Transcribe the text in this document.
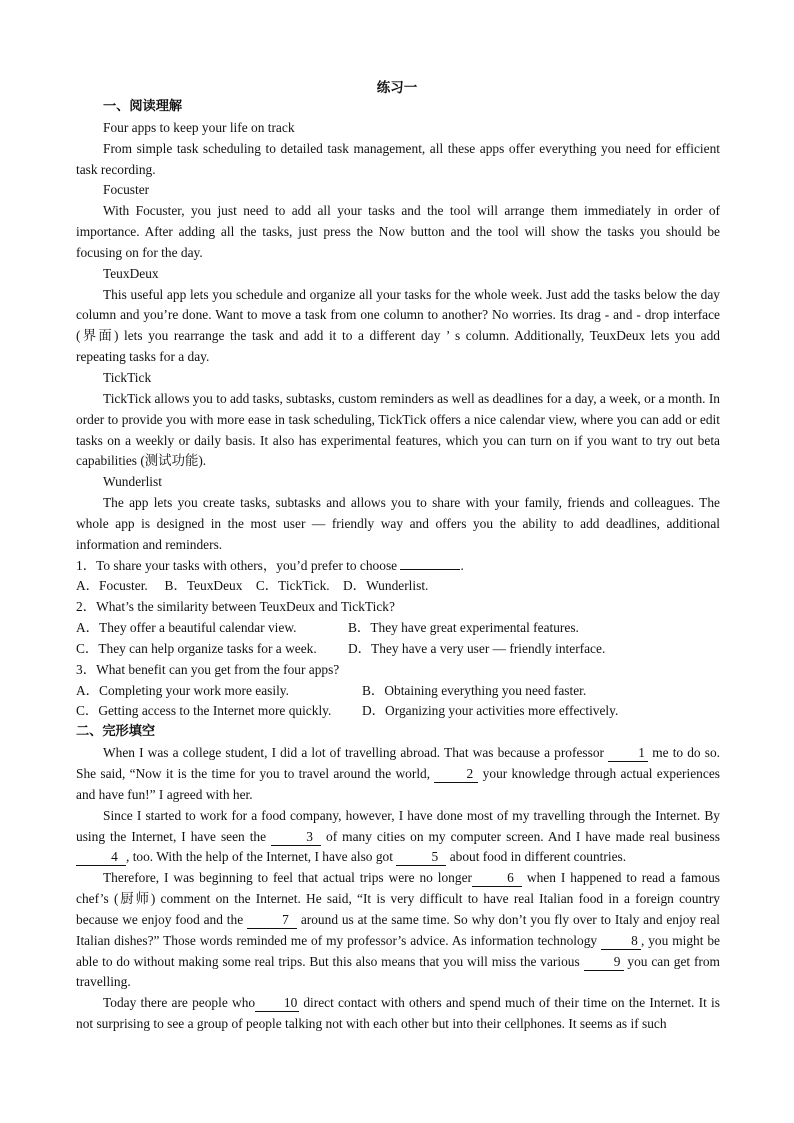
练习一

一、阅读理解

Four apps to keep your life on track

From simple task scheduling to detailed task management, all these apps offer everything you need for efficient task recording.

Focuster

With Focuster, you just need to add all your tasks and the tool will arrange them immediately in order of importance. After adding all the tasks, just press the Now button and the tool will show the tasks you should be focusing on for the day.

TeuxDeux

This useful app lets you schedule and organize all your tasks for the whole week. Just add the tasks below the day column and you’re done. Want to move a task from one column to another? No worries. Its drag - and - drop interface (界面) lets you rearrange the task and add it to a different day ’ s column. Additionally, TeuxDeux lets you add repeating tasks for a day.

TickTick

TickTick allows you to add tasks, subtasks, custom reminders as well as deadlines for a day, a week, or a month. In order to provide you with more ease in task scheduling, TickTick offers a nice calendar view, where you can add or edit tasks on a weekly or daily basis. It also has experimental features, which you can turn on if you want to try out beta capabilities (测试功能).

Wunderlist

The app lets you create tasks, subtasks and allows you to share with your family, friends and colleagues. The whole app is designed in the most user — friendly way and offers you the ability to add deadlines, additional information and reminders.

1．To share your tasks with others，you’d prefer to choose	.

A．Focuster.　 B．TeuxDeux　C．TickTick.　D．Wunderlist.

2．What’s the similarity between TeuxDeux and TickTick?

A．They offer a beautiful calendar view.	B．They have great experimental features.
C．They can help organize tasks for a week.	D．They have a very user — friendly interface.

3．What benefit can you get from the four apps?

A．Completing your work more easily.	B．Obtaining everything you need faster.
C．Getting access to the Internet more quickly.	D．Organizing your activities more effectively.

二、完形填空

When I was a college student, I did a lot of travelling abroad. That was because a professor	1 me to do so. She said, “Now it is the time for you to travel around the world,	2 your knowledge through actual experiences and have fun!” I agreed with her.

Since I started to work for a food company, however, I have done most of my travelling through the Internet. By using the Internet, I have seen the	3 of many cities on my computer screen. And I have made real business 4 , too. With the help of the Internet, I have also got	5 about food in different countries.

Therefore, I was beginning to feel that actual trips were no longer	6 when I happened to read a famous chef’s (厨师) comment on the Internet. He said, “It is very difficult to have real Italian food in a foreign country because we enjoy food and the	7 around us at the same time. So why don’t you fly over to Italy and enjoy real Italian dishes?” Those words reminded me of my professor’s advice. As information technology	8 , you might be able to do without making some real trips. But this also means that you will miss the various	9 you can get from travelling.

Today there are people who 10 direct contact with others and spend much of their time on the Internet. It is not surprising to see a group of people talking not with each other but into their cellphones. It seems as if such
